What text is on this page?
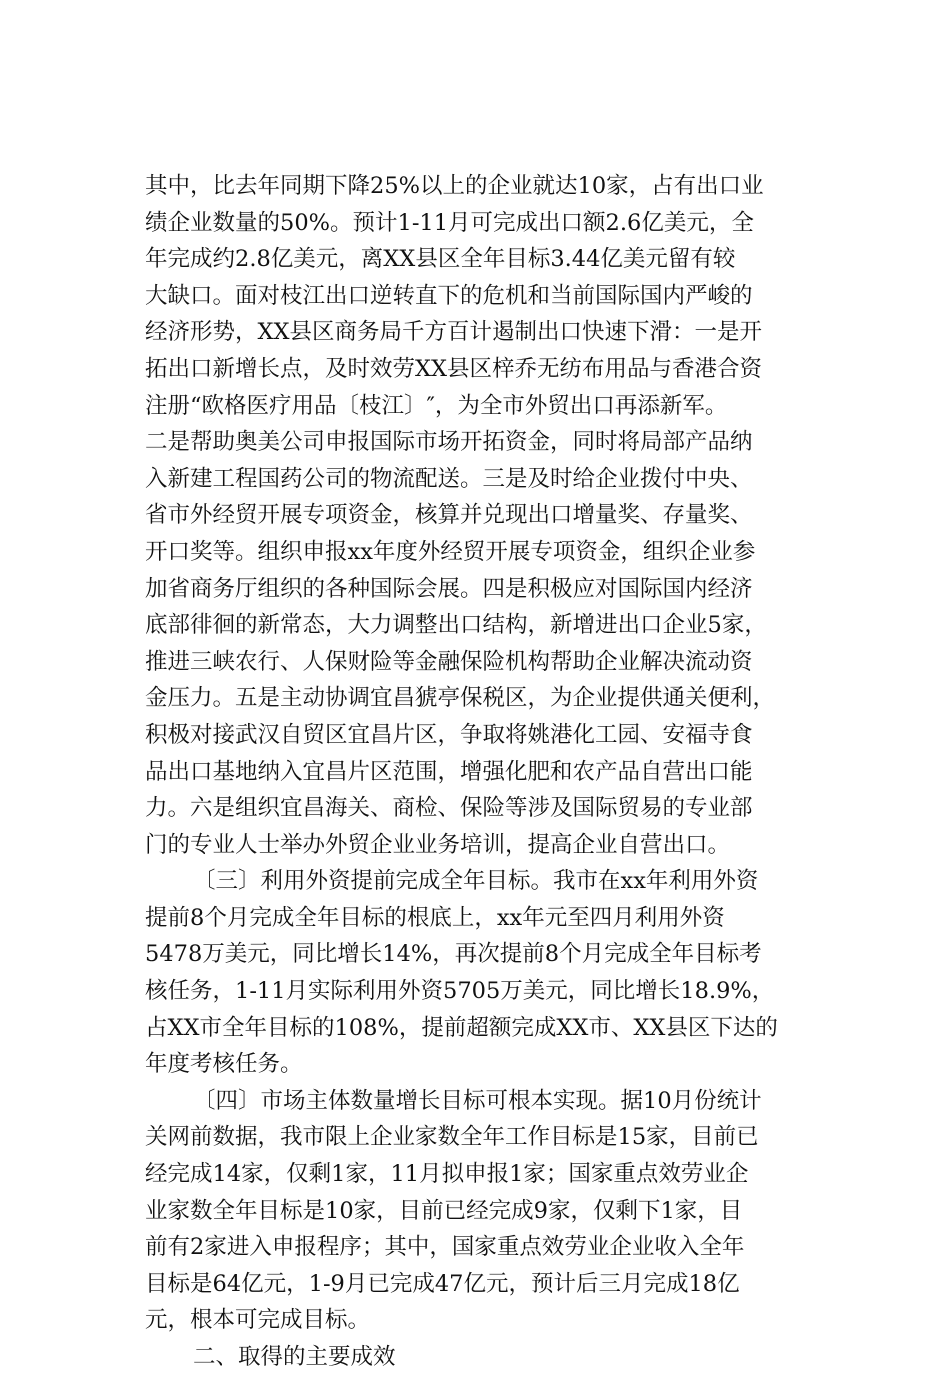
其中，比去年同期下降25%以上的企业就达10家，占有出口业
绩企业数量的50%。预计1-11月可完成出口额2.6亿美元，全
年完成约2.8亿美元，离XX县区全年目标3.44亿美元留有较
大缺口。面对枝江出口逆转直下的危机和当前国际国内严峻的
经济形势，XX县区商务局千方百计遏制出口快速下滑：一是开
拓出口新增长点，及时效劳XX县区梓乔无纺布用品与香港合资
注册“欧格医疗用品〔枝江〕″，为全市外贸出口再添新军。
二是帮助奥美公司申报国际市场开拓资金，同时将局部产品纳
入新建工程国药公司的物流配送。三是及时给企业拨付中央、
省市外经贸开展专项资金，核算并兑现出口增量奖、存量奖、
开口奖等。组织申报xx年度外经贸开展专项资金，组织企业参
加省商务厅组织的各种国际会展。四是积极应对国际国内经济
底部徘徊的新常态，大力调整出口结构，新增进出口企业5家，
推进三峡农行、人保财险等金融保险机构帮助企业解决流动资
金压力。五是主动协调宜昌猇亭保税区，为企业提供通关便利，
积极对接武汉自贸区宜昌片区，争取将姚港化工园、安福寺食
品出口基地纳入宜昌片区范围，增强化肥和农产品自营出口能
力。六是组织宜昌海关、商检、保险等涉及国际贸易的专业部
门的专业人士举办外贸企业业务培训，提高企业自营出口。
〔三〕利用外资提前完成全年目标。我市在xx年利用外资
提前8个月完成全年目标的根底上，xx年元至四月利用外资
5478万美元，同比增长14%，再次提前8个月完成全年目标考
核任务，1-11月实际利用外资5705万美元，同比增长18.9%，
占XX市全年目标的108%，提前超额完成XX市、XX县区下达的
年度考核任务。
〔四〕市场主体数量增长目标可根本实现。据10月份统计
关网前数据，我市限上企业家数全年工作目标是15家，目前已
经完成14家，仅剩1家，11月拟申报1家；国家重点效劳业企
业家数全年目标是10家，目前已经完成9家，仅剩下1家，目
前有2家进入申报程序；其中，国家重点效劳业企业收入全年
目标是64亿元，1-9月已完成47亿元，预计后三月完成18亿
元，根本可完成目标。
二、取得的主要成效
